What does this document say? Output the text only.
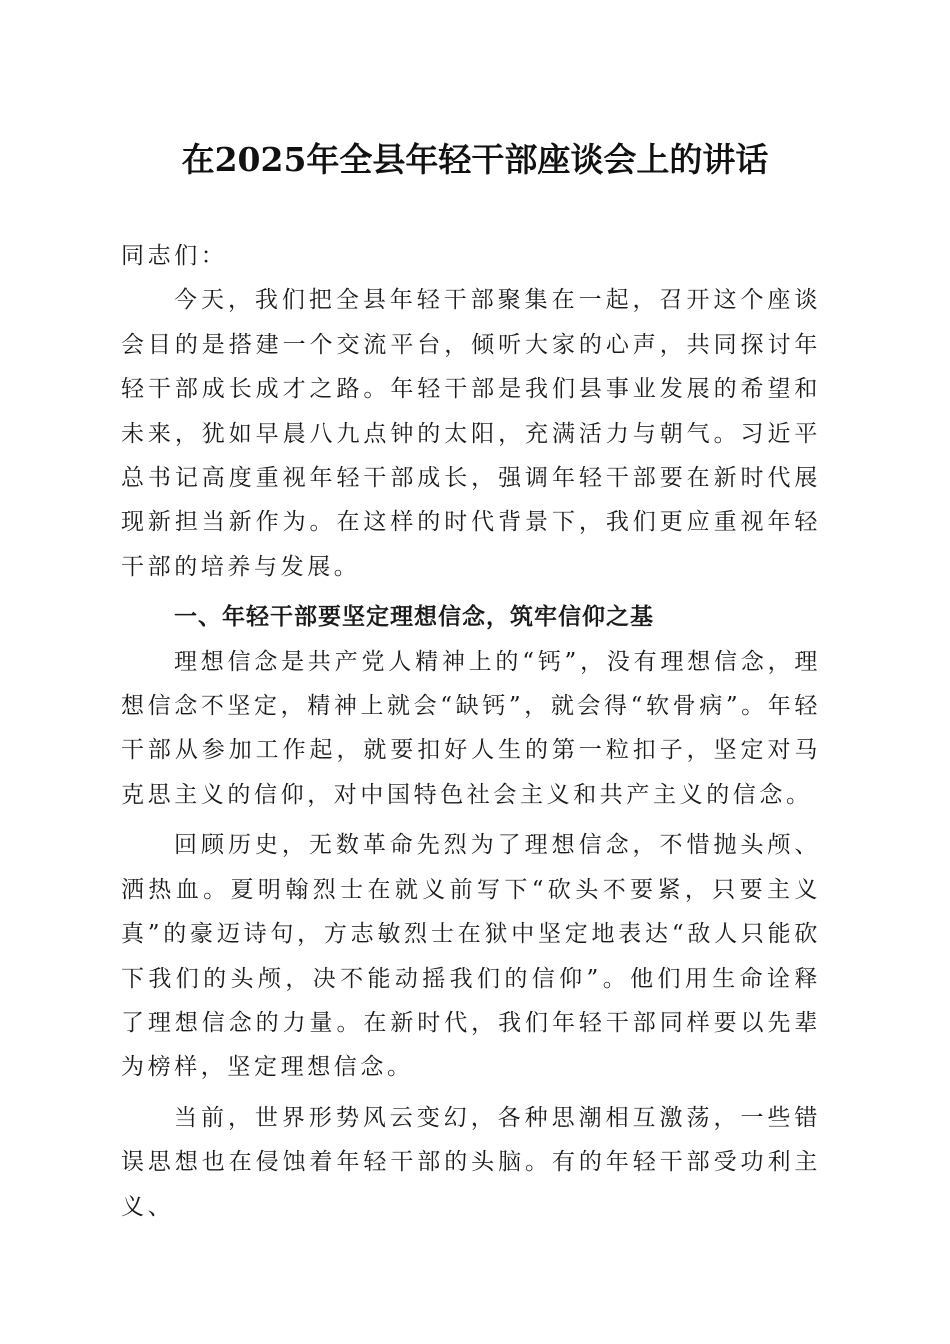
在2025年全县年轻干部座谈会上的讲话

同志们：

今天，我们把全县年轻干部聚集在一起，召开这个座谈会目的是搭建一个交流平台，倾听大家的心声，共同探讨年轻干部成长成才之路。年轻干部是我们县事业发展的希望和未来，犹如早晨八九点钟的太阳，充满活力与朝气。习近平总书记高度重视年轻干部成长，强调年轻干部要在新时代展现新担当新作为。在这样的时代背景下，我们更应重视年轻干部的培养与发展。

一、年轻干部要坚定理想信念，筑牢信仰之基

理想信念是共产党人精神上的“钙”，没有理想信念，理想信念不坚定，精神上就会“缺钙”，就会得“软骨病”。年轻干部从参加工作起，就要扣好人生的第一粒扣子，坚定对马克思主义的信仰，对中国特色社会主义和共产主义的信念。

回顾历史，无数革命先烈为了理想信念，不惜抛头颅、洒热血。夏明翰烈士在就义前写下“砍头不要紧，只要主义真”的豪迈诗句，方志敏烈士在狱中坚定地表达“敌人只能砍下我们的头颅，决不能动摇我们的信仰”。他们用生命诠释了理想信念的力量。在新时代，我们年轻干部同样要以先辈为榜样，坚定理想信念。

当前，世界形势风云变幻，各种思潮相互激荡，一些错误思想也在侵蚀着年轻干部的头脑。有的年轻干部受功利主义、
